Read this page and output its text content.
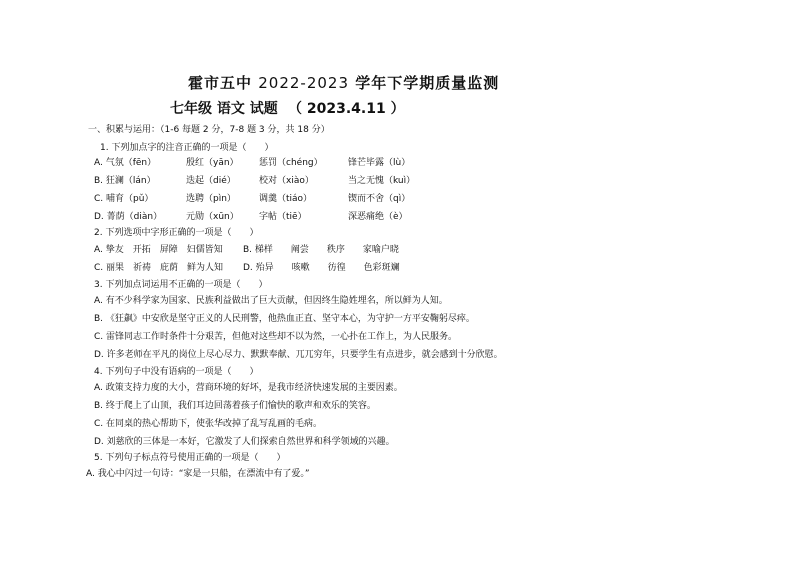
霍市五中 2022-2023 学年下学期质量监测
七年级 语文 试题 （ 2023.4.11 ）
一、积累与运用：（1-6 每题 2 分，7-8 题 3 分，共 18 分）
1. 下列加点字的注音正确的一项是（　　）
A. 气氛（fēn）	殷红（yān） 惩罚（chéng）	锋芒毕露（lù）
B. 狂澜（lán）	迭起（dié）	校对（xiào）	当之无愧（kuì）
C. 哺育（pǔ）	选聘（pìn）	调羹（tiáo）	锲而不舍（qì）
D. 菁荫（diàn）	元勋（xūn） 字帖（tiē）	深恶痛绝（è）
2. 下列选项中字形正确的一项是（　　）
A. 挚友　开拓　屏障　妇儒皆知 B. 梯样　　阐尝　　秩序　　家喻户晓
C. 丽果　祈祷　庇荫　鲜为人知 D. 殆异　　咳嗽　　彷徨　　色彩斑斓
3. 下列加点词运用不正确的一项是（　　）
A. 有不少科学家为国家、民族利益做出了巨大贡献，但因终生隐姓埋名，所以鲜为人知。
B. 《狂飙》中安欣是坚守正义的人民刑警，他热血正直、坚守本心，为守护一方平安鞠躬尽瘁。
C. 雷锋同志工作时条件十分艰苦，但他对这些却不以为然，一心扑在工作上，为人民服务。
D. 许多老师在平凡的岗位上尽心尽力、默默奉献、兀兀穷年，只要学生有点进步，就会感到十分欣慰。
4. 下列句子中没有语病的一项是（　　）
A. 政策支持力度的大小，营商环境的好坏，是我市经济快速发展的主要因素。
B. 终于爬上了山顶，我们耳边回荡着孩子们愉快的歌声和欢乐的笑容。
C. 在同桌的热心帮助下，使张华改掉了乱写乱画的毛病。
D. 刘慈欣的三体是一本好，它激发了人们探索自然世界和科学领域的兴趣。
5. 下列句子标点符号使用正确的一项是（　　）
A. 我心中闪过一句诗：“家是一只船，在漂流中有了爱。”
